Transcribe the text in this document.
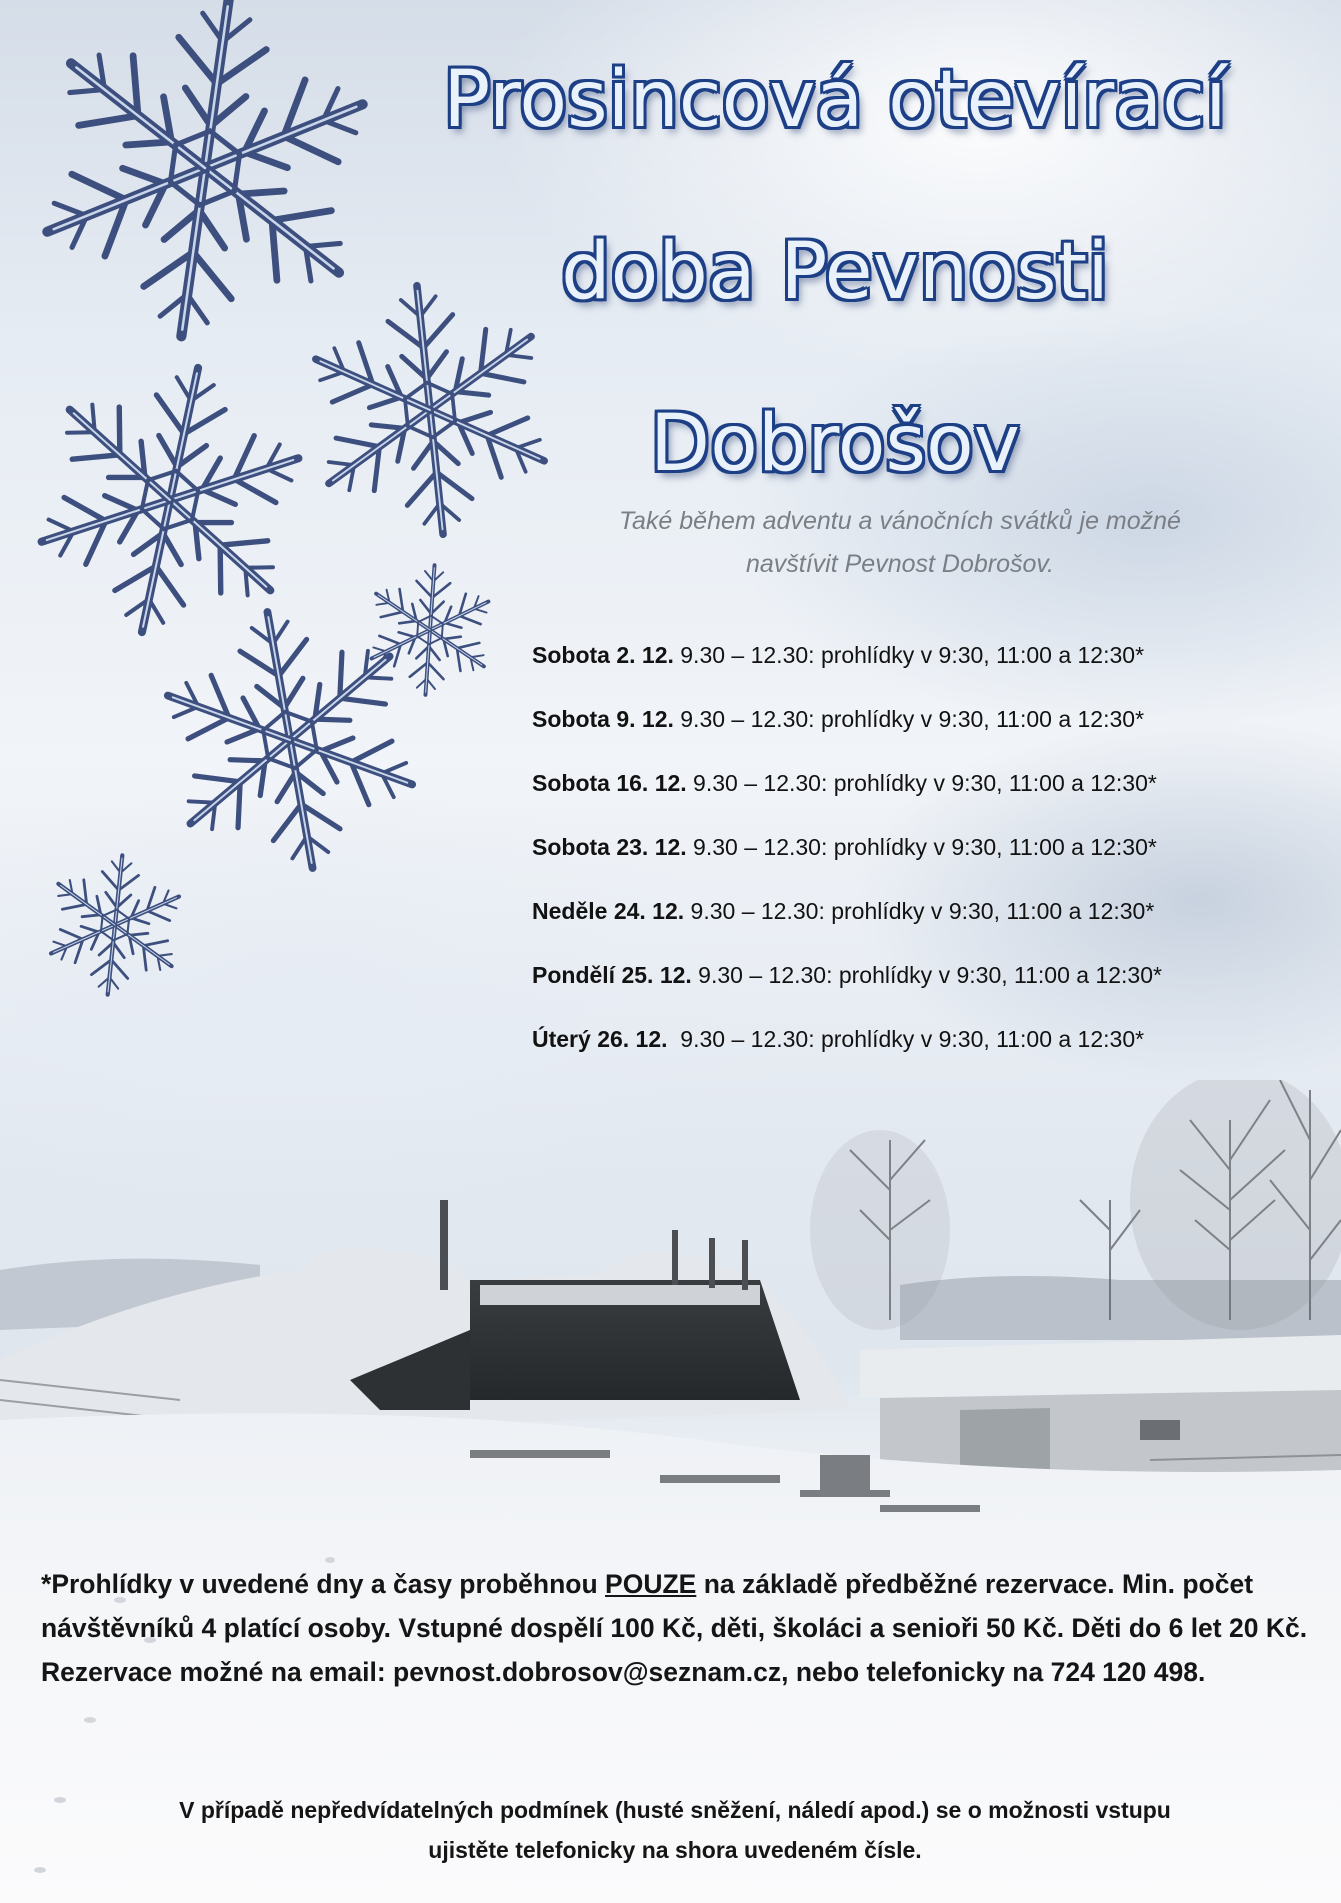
Prosincová otevírací
doba Pevnosti
Dobrošov

Také během adventu a vánočních svátků je možné
navštívit Pevnost Dobrošov.

Sobota 2. 12. 9.30 – 12.30: prohlídky v 9:30, 11:00 a 12:30*
Sobota 9. 12. 9.30 – 12.30: prohlídky v 9:30, 11:00 a 12:30*
Sobota 16. 12. 9.30 – 12.30: prohlídky v 9:30, 11:00 a 12:30*
Sobota 23. 12. 9.30 – 12.30: prohlídky v 9:30, 11:00 a 12:30*
Neděle 24. 12. 9.30 – 12.30: prohlídky v 9:30, 11:00 a 12:30*
Pondělí 25. 12. 9.30 – 12.30: prohlídky v 9:30, 11:00 a 12:30*
Úterý 26. 12.  9.30 – 12.30: prohlídky v 9:30, 11:00 a 12:30*

*Prohlídky v uvedené dny a časy proběhnou POUZE na základě předběžné rezervace. Min. počet návštěvníků 4 platící osoby. Vstupné dospělí 100 Kč, děti, školáci a senioři 50 Kč. Děti do 6 let 20 Kč. Rezervace možné na email: pevnost.dobrosov@seznam.cz, nebo telefonicky na 724 120 498.

V případě nepředvídatelných podmínek (husté sněžení, náledí apod.) se o možnosti vstupu
ujistěte telefonicky na shora uvedeném čísle.
